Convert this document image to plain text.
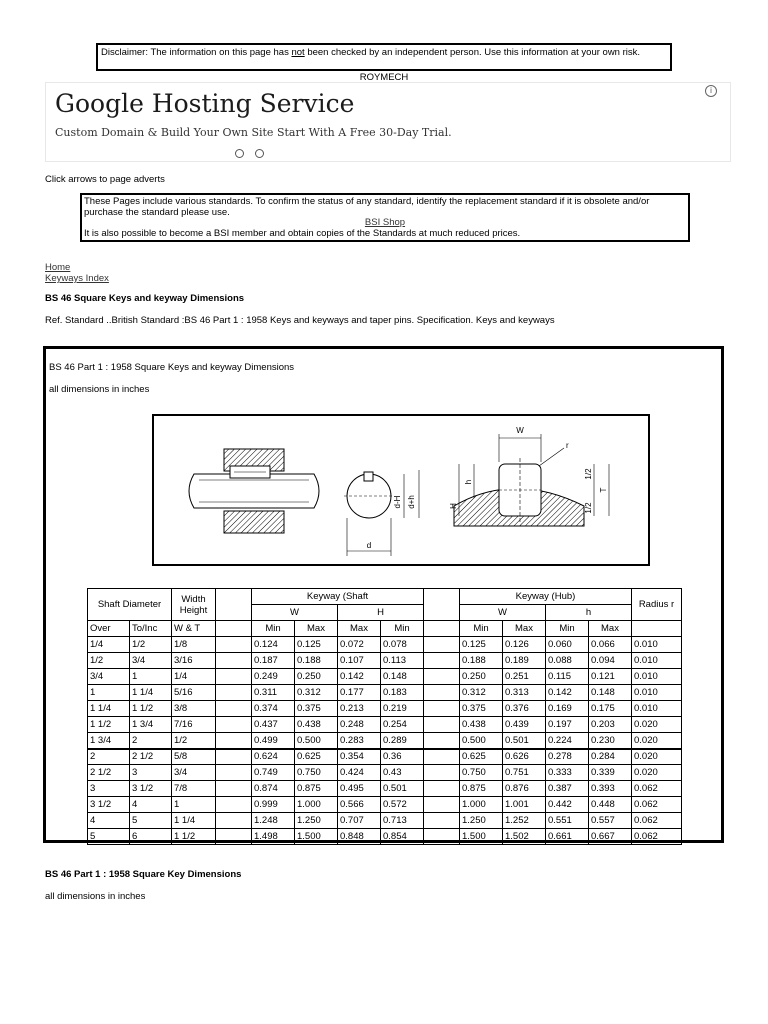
Disclaimer: The information on this page has not been checked by an independent person. Use this information at your own risk.
ROYMECH
Google Hosting Service
Custom Domain & Build Your Own Site Start With A Free 30-Day Trial.
i
Click arrows to page adverts
These Pages include various standards. To confirm the status of any standard, identify the replacement standard if it is obsolete and/or purchase the standard please use.
BSI Shop
It is also possible to become a BSI member and obtain copies of the Standards at much reduced prices.
Home
Keyways Index
BS 46 Square Keys and keyway Dimensions
Ref. Standard ..British Standard :BS 46 Part 1 : 1958 Keys and keyways and taper pins. Specification. Keys and keyways
BS 46 Part 1 : 1958 Square Keys and keyway Dimensions
all dimensions in inches
d
d-H d+h
W
r
h
H
1/2
1/2
T
Shaft Diameter		Width
Height		Keyway (Shaft					Keyway (Hub)				Radius r
				W		H			W		h		
Over	To/Inc	W & T		Min	Max	Max	Min		Min	Max	Min	Max	
1/4	1/2	1/8		0.124	0.125	0.072	0.078		0.125	0.126	0.060	0.066	0.010
1/2	3/4	3/16		0.187	0.188	0.107	0.113		0.188	0.189	0.088	0.094	0.010
3/4	1	1/4		0.249	0.250	0.142	0.148		0.250	0.251	0.115	0.121	0.010
1	1 1/4	5/16		0.311	0.312	0.177	0.183		0.312	0.313	0.142	0.148	0.010
1 1/4	1 1/2	3/8		0.374	0.375	0.213	0.219		0.375	0.376	0.169	0.175	0.010
1 1/2	1 3/4	7/16		0.437	0.438	0.248	0.254		0.438	0.439	0.197	0.203	0.020
1 3/4	2	1/2		0.499	0.500	0.283	0.289		0.500	0.501	0.224	0.230	0.020
2	2 1/2	5/8		0.624	0.625	0.354	0.36		0.625	0.626	0.278	0.284	0.020
2 1/2	3	3/4		0.749	0.750	0.424	0.43		0.750	0.751	0.333	0.339	0.020
3	3 1/2	7/8		0.874	0.875	0.495	0.501		0.875	0.876	0.387	0.393	0.062
3 1/2	4	1		0.999	1.000	0.566	0.572		1.000	1.001	0.442	0.448	0.062
4	5	1 1/4		1.248	1.250	0.707	0.713		1.250	1.252	0.551	0.557	0.062
5	6	1 1/2		1.498	1.500	0.848	0.854		1.500	1.502	0.661	0.667	0.062
BS 46 Part 1 : 1958 Square Key Dimensions
all dimensions in inches
